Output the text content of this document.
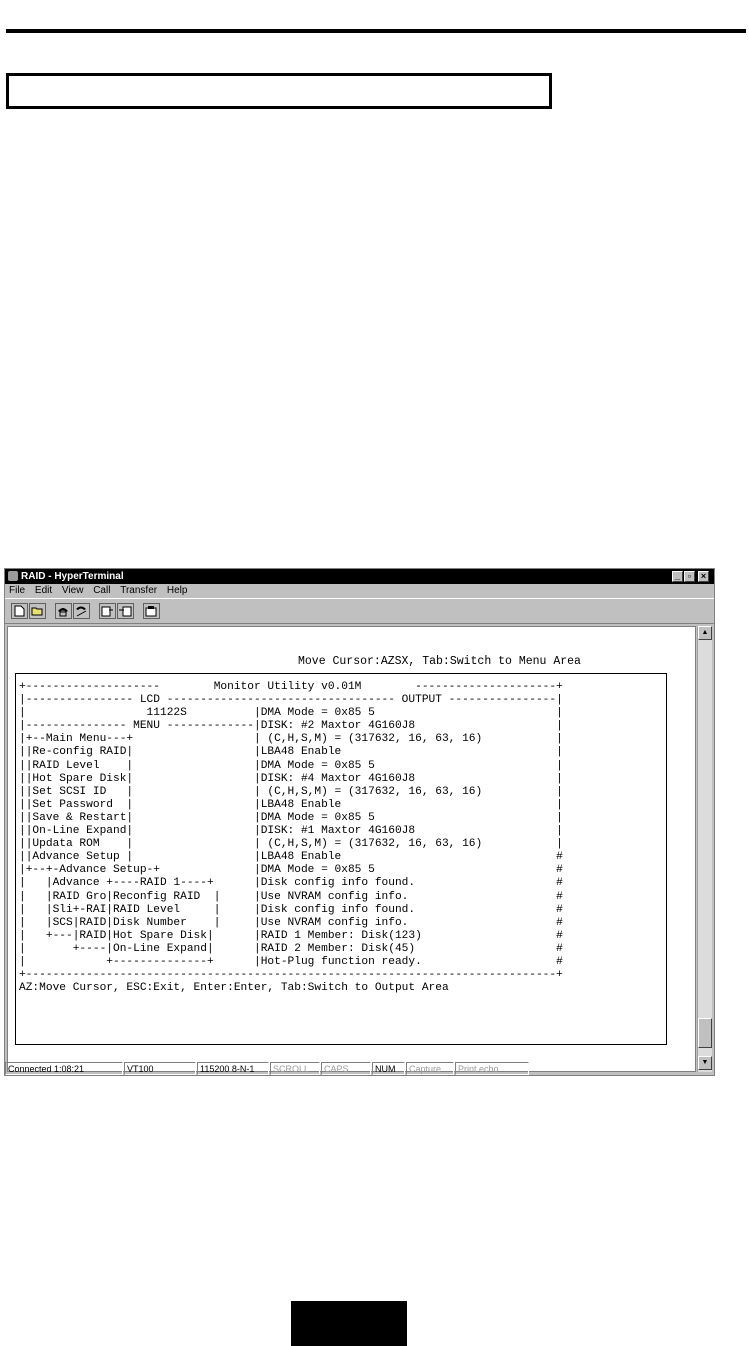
RAID - HyperTerminal	_ ▫	×
File Edit View Call Transfer Help
Move Cursor:AZSX, Tab:Switch to Menu Area
+--------------------        Monitor Utility v0.01M        ---------------------+
|---------------- LCD ---------------------------------- OUTPUT ----------------|
|                  11122S          |DMA Mode = 0x85 5                           |
|--------------- MENU -------------|DISK: #2 Maxtor 4G160J8                     |
|+--Main Menu---+                  | (C,H,S,M) = (317632, 16, 63, 16)           |
||Re-config RAID|                  |LBA48 Enable                                |
||RAID Level    |                  |DMA Mode = 0x85 5                           |
||Hot Spare Disk|                  |DISK: #4 Maxtor 4G160J8                     |
||Set SCSI ID   |                  | (C,H,S,M) = (317632, 16, 63, 16)           |
||Set Password  |                  |LBA48 Enable                                |
||Save & Restart|                  |DMA Mode = 0x85 5                           |
||On-Line Expand|                  |DISK: #1 Maxtor 4G160J8                     |
||Updata ROM    |                  | (C,H,S,M) = (317632, 16, 63, 16)           |
||Advance Setup |                  |LBA48 Enable                                #
|+--+-Advance Setup-+              |DMA Mode = 0x85 5                           #
|   |Advance +----RAID 1----+      |Disk config info found.                     #
|   |RAID Gro|Reconfig RAID  |     |Use NVRAM config info.                      #
|   |Sli+-RAI|RAID Level     |     |Disk config info found.                     #
|   |SCS|RAID|Disk Number    |     |Use NVRAM config info.                      #
|   +---|RAID|Hot Spare Disk|      |RAID 1 Member: Disk(123)                    #
|       +----|On-Line Expand|      |RAID 2 Member: Disk(45)                     #
|            +--------------+      |Hot-Plug function ready.                    #
+-------------------------------------------------------------------------------+
AZ:Move Cursor, ESC:Exit, Enter:Enter, Tab:Switch to Output Area
▲
▼
Connected 1:08:21	VT100	115200 8-N-1	SCROLL	CAPS	NUM	Capture	Print echo
